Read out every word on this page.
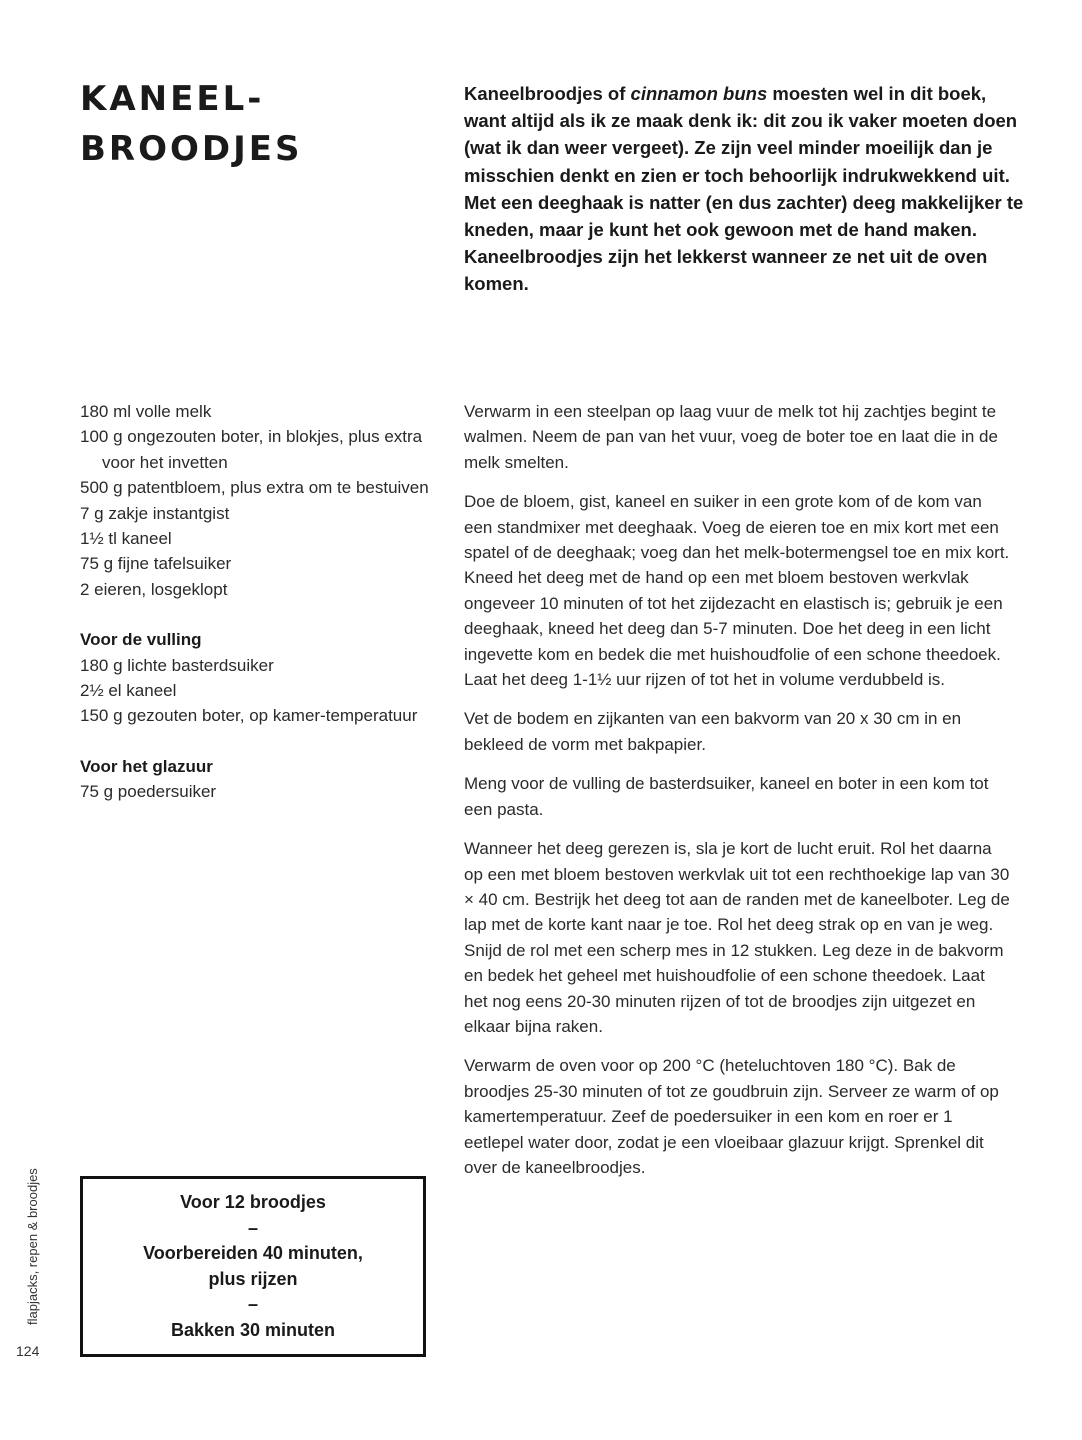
KANEEL-
BROODJES

Kaneelbroodjes of cinnamon buns moesten wel in dit boek, want altijd als ik ze maak denk ik: dit zou ik vaker moeten doen (wat ik dan weer vergeet). Ze zijn veel minder moeilijk dan je misschien denkt en zien er toch behoorlijk indrukwekkend uit. Met een deeghaak is natter (en dus zachter) deeg makkelijker te kneden, maar je kunt het ook gewoon met de hand maken. Kaneelbroodjes zijn het lekkerst wanneer ze net uit de oven komen.

180 ml volle melk

100 g ongezouten boter, in blokjes, plus extra voor het invetten

500 g patentbloem, plus extra om te bestuiven

7 g zakje instantgist

1½ tl kaneel

75 g fijne tafelsuiker

2 eieren, losgeklopt

Voor de vulling

180 g lichte basterdsuiker

2½ el kaneel

150 g gezouten boter, op kamer-temperatuur

Voor het glazuur

75 g poedersuiker

Verwarm in een steelpan op laag vuur de melk tot hij zachtjes begint te walmen. Neem de pan van het vuur, voeg de boter toe en laat die in de melk smelten.

Doe de bloem, gist, kaneel en suiker in een grote kom of de kom van een standmixer met deeghaak. Voeg de eieren toe en mix kort met een spatel of de deeghaak; voeg dan het melk-botermengsel toe en mix kort. Kneed het deeg met de hand op een met bloem bestoven werkvlak ongeveer 10 minuten of tot het zijdezacht en elastisch is; gebruik je een deeghaak, kneed het deeg dan 5-7 minuten. Doe het deeg in een licht ingevette kom en bedek die met huishoudfolie of een schone theedoek. Laat het deeg 1-1½ uur rijzen of tot het in volume verdubbeld is.

Vet de bodem en zijkanten van een bakvorm van 20 x 30 cm in en bekleed de vorm met bakpapier.

Meng voor de vulling de basterdsuiker, kaneel en boter in een kom tot een pasta.

Wanneer het deeg gerezen is, sla je kort de lucht eruit. Rol het daarna op een met bloem bestoven werkvlak uit tot een rechthoekige lap van 30 × 40 cm. Bestrijk het deeg tot aan de randen met de kaneelboter. Leg de lap met de korte kant naar je toe. Rol het deeg strak op en van je weg. Snijd de rol met een scherp mes in 12 stukken. Leg deze in de bakvorm en bedek het geheel met huishoudfolie of een schone theedoek. Laat het nog eens 20-30 minuten rijzen of tot de broodjes zijn uitgezet en elkaar bijna raken.

Verwarm de oven voor op 200 °C (heteluchtoven 180 °C). Bak de broodjes 25-30 minuten of tot ze goudbruin zijn. Serveer ze warm of op kamertemperatuur. Zeef de poedersuiker in een kom en roer er 1 eetlepel water door, zodat je een vloeibaar glazuur krijgt. Sprenkel dit over de kaneelbroodjes.

Voor 12 broodjes
–
Voorbereiden 40 minuten,
plus rijzen
–
Bakken 30 minuten
flapjacks, repen & broodjes
124
